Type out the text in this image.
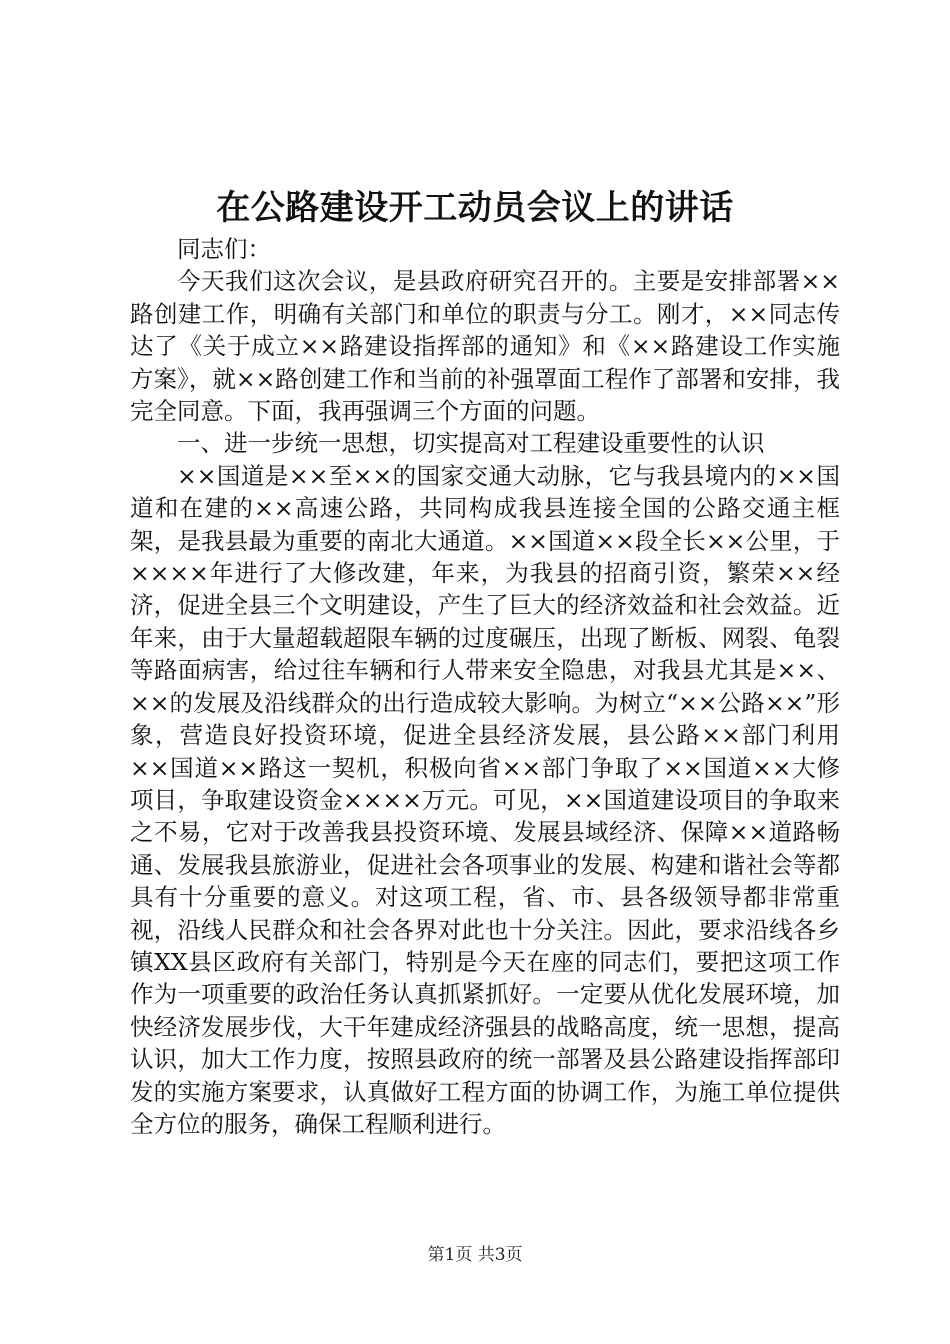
在公路建设开工动员会议上的讲话

同志们：

今天我们这次会议，是县政府研究召开的。主要是安排部署××路创建工作，明确有关部门和单位的职责与分工。刚才，××同志传达了《关于成立××路建设指挥部的通知》和《××路建设工作实施方案》，就××路创建工作和当前的补强罩面工程作了部署和安排，我完全同意。下面，我再强调三个方面的问题。

一、进一步统一思想，切实提高对工程建设重要性的认识

××国道是××至××的国家交通大动脉，它与我县境内的××国道和在建的××高速公路，共同构成我县连接全国的公路交通主框架，是我县最为重要的南北大通道。××国道××段全长××公里，于××××年进行了大修改建，年来，为我县的招商引资，繁荣××经济，促进全县三个文明建设，产生了巨大的经济效益和社会效益。近年来，由于大量超载超限车辆的过度碾压，出现了断板、网裂、龟裂等路面病害，给过往车辆和行人带来安全隐患，对我县尤其是××、××的发展及沿线群众的出行造成较大影响。为树立“××公路××”形象，营造良好投资环境，促进全县经济发展，县公路××部门利用××国道××路这一契机，积极向省××部门争取了××国道××大修项目，争取建设资金××××万元。可见，××国道建设项目的争取来之不易，它对于改善我县投资环境、发展县域经济、保障××道路畅通、发展我县旅游业，促进社会各项事业的发展、构建和谐社会等都具有十分重要的意义。对这项工程，省、市、县各级领导都非常重视，沿线人民群众和社会各界对此也十分关注。因此，要求沿线各乡镇XX县区政府有关部门，特别是今天在座的同志们，要把这项工作作为一项重要的政治任务认真抓紧抓好。一定要从优化发展环境，加快经济发展步伐，大干年建成经济强县的战略高度，统一思想，提高认识，加大工作力度，按照县政府的统一部署及县公路建设指挥部印发的实施方案要求，认真做好工程方面的协调工作，为施工单位提供全方位的服务，确保工程顺利进行。

第1页 共3页
